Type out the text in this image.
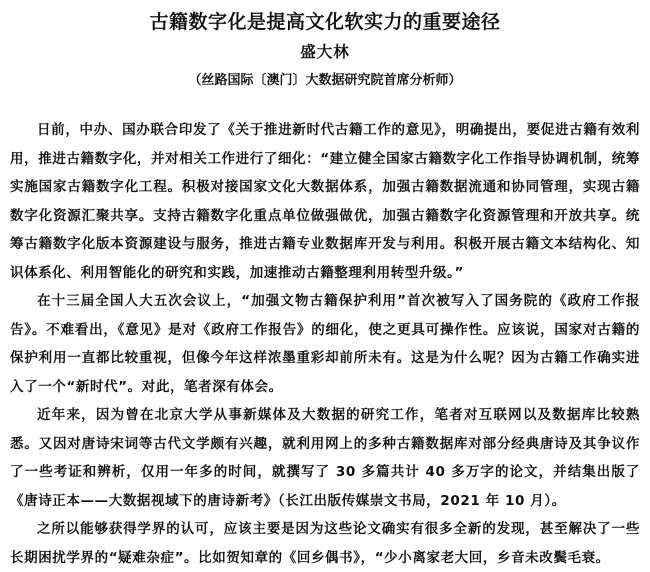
古籍数字化是提高文化软实力的重要途径
盛大林
（丝路国际〔澳门〕大数据研究院首席分析师）

日前，中办、国办联合印发了《关于推进新时代古籍工作的意见》，明确提出，要促进古籍有效利用，推进古籍数字化，并对相关工作进行了细化：“建立健全国家古籍数字化工作指导协调机制，统筹实施国家古籍数字化工程。积极对接国家文化大数据体系，加强古籍数据流通和协同管理，实现古籍数字化资源汇聚共享。支持古籍数字化重点单位做强做优，加强古籍数字化资源管理和开放共享。统筹古籍数字化版本资源建设与服务，推进古籍专业数据库开发与利用。积极开展古籍文本结构化、知识体系化、利用智能化的研究和实践，加速推动古籍整理利用转型升级。”

在十三届全国人大五次会议上，“加强文物古籍保护利用”首次被写入了国务院的《政府工作报告》。不难看出，《意见》是对《政府工作报告》的细化，使之更具可操作性。应该说，国家对古籍的保护利用一直都比较重视，但像今年这样浓墨重彩却前所未有。这是为什么呢？因为古籍工作确实进入了一个“新时代”。对此，笔者深有体会。

近年来，因为曾在北京大学从事新媒体及大数据的研究工作，笔者对互联网以及数据库比较熟悉。又因对唐诗宋词等古代文学颇有兴趣，就利用网上的多种古籍数据库对部分经典唐诗及其争议作了一些考证和辨析，仅用一年多的时间，就撰写了 30 多篇共计 40 多万字的论文，并结集出版了《唐诗正本——大数据视域下的唐诗新考》（长江出版传媒崇文书局，2021 年 10 月）。

之所以能够获得学界的认可，应该主要是因为这些论文确实有很多全新的发现，甚至解决了一些长期困扰学界的“疑难杂症”。比如贺知章的《回乡偶书》，“少小离家老大回，乡音未改鬓毛衰。
